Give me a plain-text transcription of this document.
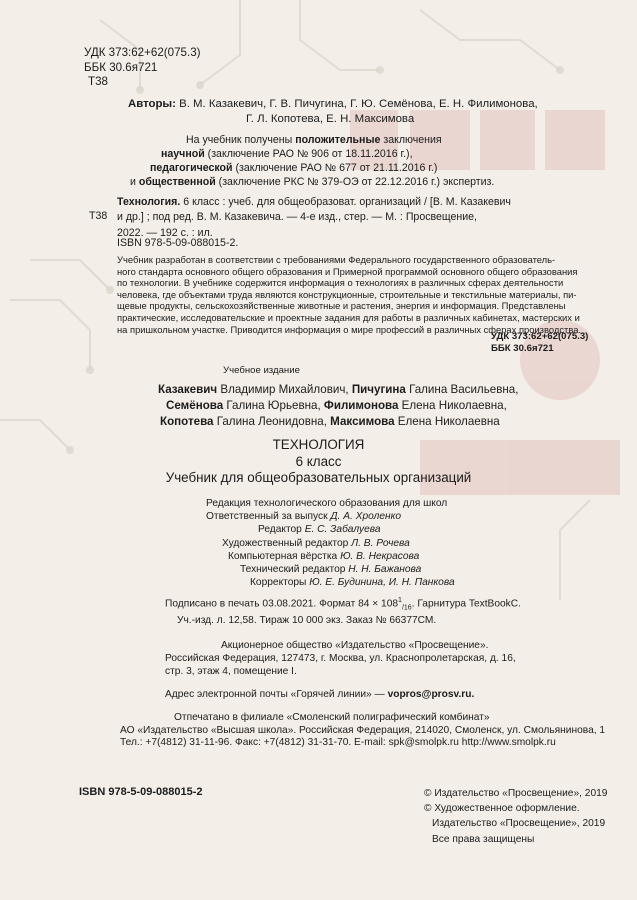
УДК 373:62+62(075.3)
ББК 30.6я721
Т38
Авторы: В. М. Казакевич, Г. В. Пичугина, Г. Ю. Семёнова, Е. Н. Филимонова,
Г. Л. Копотева, Е. Н. Максимова
На учебник получены положительные заключения
научной (заключение РАО № 906 от 18.11.2016 г.),
педагогической (заключение РАО № 677 от 21.11.2016 г.)
и общественной (заключение РКС № 379-ОЭ от 22.12.2016 г.) экспертиз.
Технология. 6 класс : учеб. для общеобразоват. организаций / [В. М. Казакевич
и др.] ; под ред. В. М. Казакевича. — 4-е изд., стер. — М. : Просвещение,
2022. — 192 с. : ил.
Т38
ISBN 978-5-09-088015-2.
Учебник разработан в соответствии с требованиями Федерального государственного образователь-
ного стандарта основного общего образования и Примерной программой основного общего образования
по технологии. В учебнике содержится информация о технологиях в различных сферах деятельности
человека, где объектами труда являются конструкционные, строительные и текстильные материалы, пи-
щевые продукты, сельскохозяйственные животные и растения, энергия и информация. Представлены
практические, исследовательские и проектные задания для работы в различных кабинетах, мастерских и
на пришкольном участке. Приводится информация о мире профессий в различных сферах производства.
УДК 373:62+62(075.3)
ББК 30.6я721
Учебное издание
Казакевич Владимир Михайлович, Пичугина Галина Васильевна,
Семёнова Галина Юрьевна, Филимонова Елена Николаевна,
Копотева Галина Леонидовна, Максимова Елена Николаевна
ТЕХНОЛОГИЯ
6 класс
Учебник для общеобразовательных организаций
Редакция технологического образования для школ
Ответственный за выпуск Д. А. Хроленко
Редактор Е. С. Забалуева
Художественный редактор Л. В. Рочева
Компьютерная вёрстка Ю. В. Некрасова
Технический редактор Н. Н. Бажанова
Корректоры Ю. Е. Будинина, И. Н. Панкова
Подписано в печать 03.08.2021. Формат $84 \times 108^1_{/16}$. Гарнитура TextBookC.
Уч.-изд. л. 12,58. Тираж 10 000 экз. Заказ № 66377СМ.
Акционерное общество «Издательство «Просвещение».
Российская Федерация, 127473, г. Москва, ул. Краснопролетарская, д. 16,
стр. 3, этаж 4, помещение I.
Адрес электронной почты «Горячей линии» — vopros@prosv.ru.
Отпечатано в филиале «Смоленский полиграфический комбинат»
АО «Издательство «Высшая школа». Российская Федерация, 214020, Смоленск, ул. Смольянинова, 1
Тел.: +7(4812) 31-11-96. Факс: +7(4812) 31-31-70. E-mail: spk@smolpk.ru http://www.smolpk.ru
ISBN 978-5-09-088015-2	© Издательство «Просвещение», 2019
© Художественное оформление.
Издательство «Просвещение», 2019
Все права защищены
